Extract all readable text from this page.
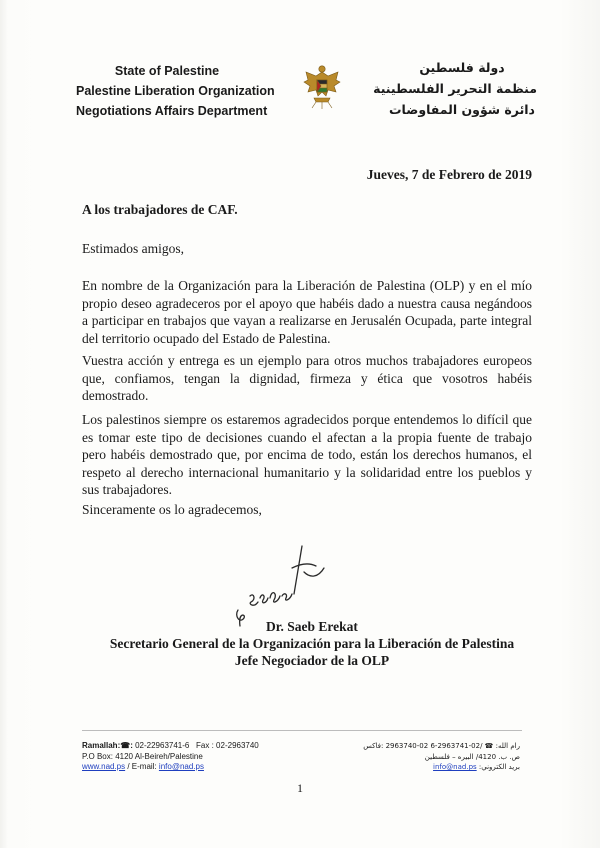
State of Palestine
Palestine Liberation Organization
Negotiations Affairs Department
دولة فلسطين
منظمة التحرير الفلسطينية
دائرة شؤون المفاوضات
Jueves, 7 de Febrero de 2019
A los trabajadores de CAF.
Estimados amigos,
En nombre de la Organización para la Liberación de Palestina (OLP) y en el mío propio deseo agradeceros por el apoyo que habéis dado a nuestra causa negándoos a participar en trabajos que vayan a realizarse en Jerusalén Ocupada, parte integral del territorio ocupado del Estado de Palestina.
Vuestra acción y entrega es un ejemplo para otros muchos trabajadores europeos que, confiamos, tengan la dignidad, firmeza y ética que vosotros habéis demostrado.
Los palestinos siempre os estaremos agradecidos porque entendemos lo difícil que es tomar este tipo de decisiones cuando el afectan a la propia fuente de trabajo pero habéis demostrado que, por encima de todo, están los derechos humanos, el respeto al derecho internacional humanitario y la solidaridad entre los pueblos y sus trabajadores.
Sinceramente os lo agradecemos,
Dr. Saeb Erekat
Secretario General de la Organización para la Liberación de Palestina
Jefe Negociador de la OLP
Ramallah:☎: 02-22963741-6 Fax : 02-2963740
P.O Box: 4120 Al-Beireh/Palestine
www.nad.ps / E-mail: info@nad.ps
رام الله: ☎ /02-2963741-6 02-2963740 :فاكس
ص. ب. 4120/ البيره – فلسطين
بريد الكتروني: info@nad.ps
1
